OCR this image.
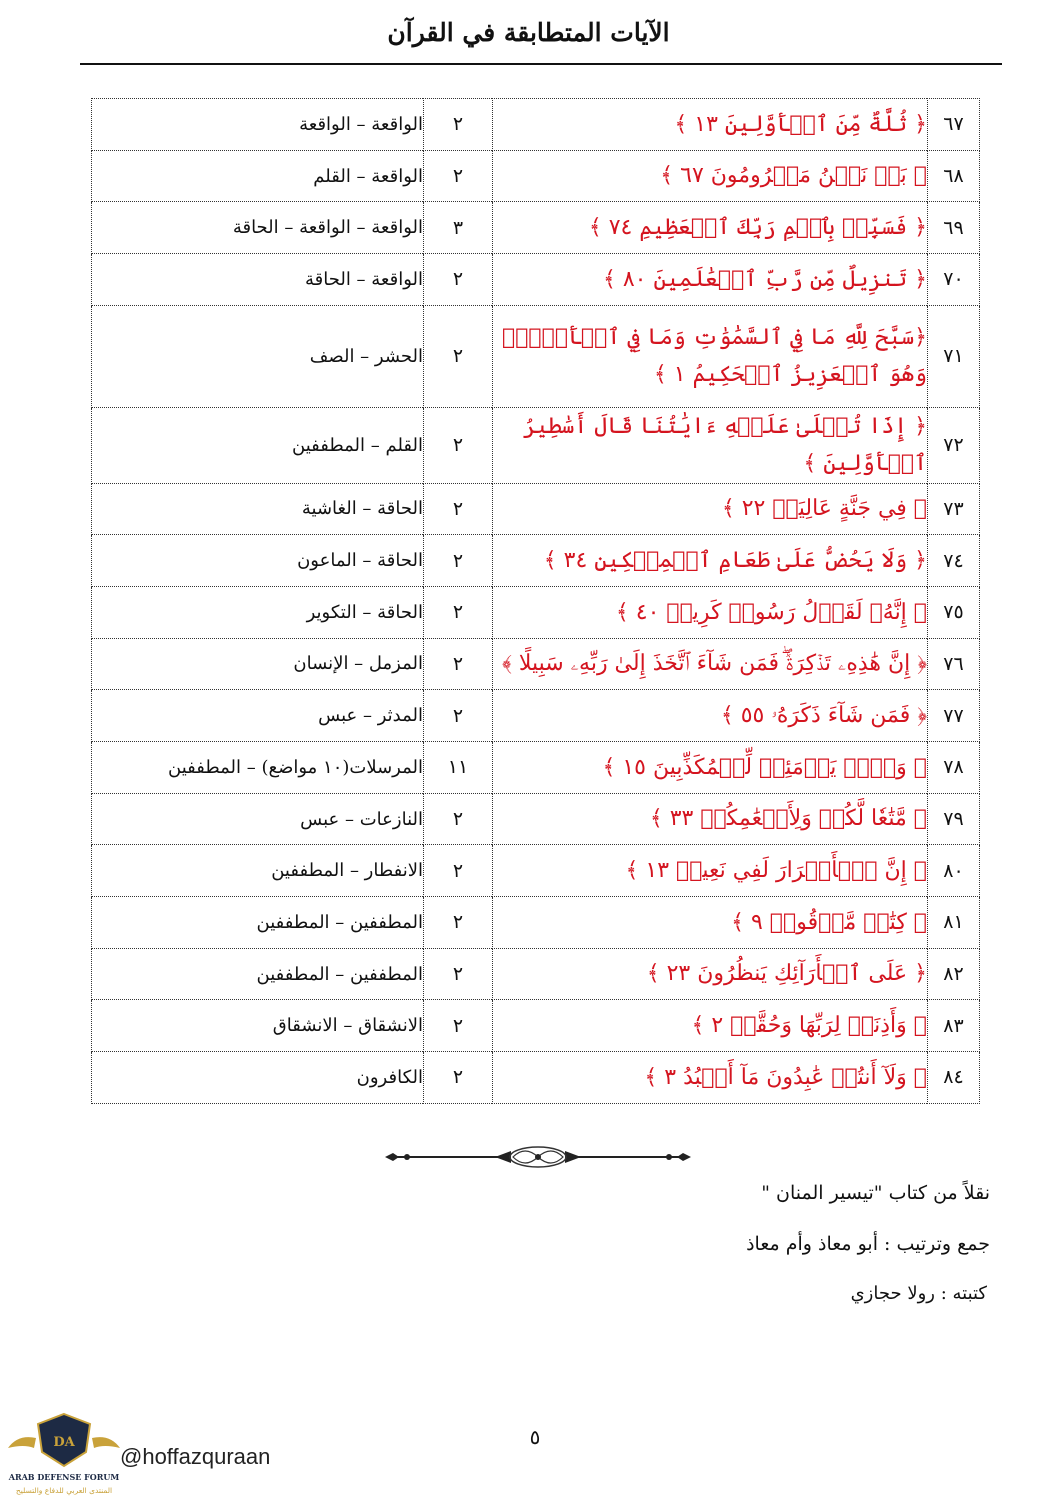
الآيات المتطابقة في القرآن
٦٧	﴿ ثُلَّةٌ مِّنَ ٱلۡأَوَّلِينَ ١٣ ﴾	٢	الواقعة – الواقعة
٦٨	﴿ بَلۡ نَحۡنُ مَحۡرُومُونَ ٦٧ ﴾	٢	الواقعة – القلم
٦٩	﴿ فَسَبِّحۡ بِٱسۡمِ رَبِّكَ ٱلۡعَظِيمِ ٧٤ ﴾	٣	الواقعة – الواقعة – الحاقة
٧٠	﴿ تَنزِيلٌ مِّن رَّبِّ ٱلۡعَٰلَمِينَ ٨٠ ﴾	٢	الواقعة – الحاقة
٧١	﴿سَبَّحَ لِلَّهِ مَا فِي ٱلسَّمَٰوَٰتِ وَمَا فِي ٱلۡأَرۡضِۖ وَهُوَ ٱلۡعَزِيزُ ٱلۡحَكِيمُ ١ ﴾	٢	الحشر – الصف
٧٢	﴿ إِذَا تُتۡلَىٰ عَلَيۡهِ ءَايَٰتُنَا قَالَ أَسَٰطِيرُ ٱلۡأَوَّلِينَ ﴾	٢	القلم – المطففين
٧٣	﴿ فِي جَنَّةٍ عَالِيَةٖ ٢٢ ﴾	٢	الحاقة – الغاشية
٧٤	﴿ وَلَا يَحُضُّ عَلَىٰ طَعَامِ ٱلۡمِسۡكِينِ ٣٤ ﴾	٢	الحاقة – الماعون
٧٥	﴿ إِنَّهُۥ لَقَوۡلُ رَسُولٖ كَرِيمٖ ٤٠ ﴾	٢	الحاقة – التكوير
٧٦	﴿ إِنَّ هَٰذِهِۦ تَذۡكِرَةٞۖ فَمَن شَآءَ ٱتَّخَذَ إِلَىٰ رَبِّهِۦ سَبِيلًا ﴾	٢	المزمل – الإنسان
٧٧	﴿ فَمَن شَآءَ ذَكَرَهُۥ ٥٥ ﴾	٢	المدثر – عبس
٧٨	﴿ وَيۡلٞ يَوۡمَئِذٖ لِّلۡمُكَذِّبِينَ ١٥ ﴾	١١	المرسلات(١٠ مواضع) – المطففين
٧٩	﴿ مَّتَٰعٗا لَّكُمۡ وَلِأَنۡعَٰمِكُمۡ ٣٣ ﴾	٢	النازعات – عبس
٨٠	﴿ إِنَّ ٱلۡأَبۡرَارَ لَفِي نَعِيمٖ ١٣ ﴾	٢	الانفطار – المطففين
٨١	﴿ كِتَٰبٞ مَّرۡقُومٞ ٩ ﴾	٢	المطففين – المطففين
٨٢	﴿ عَلَى ٱلۡأَرَآئِكِ يَنظُرُونَ ٢٣ ﴾	٢	المطففين – المطففين
٨٣	﴿ وَأَذِنَتۡ لِرَبِّهَا وَحُقَّتۡ ٢ ﴾	٢	الانشقاق – الانشقاق
٨٤	﴿ وَلَآ أَنتُمۡ عَٰبِدُونَ مَآ أَعۡبُدُ ٣ ﴾	٢	الكافرون
نقلاً من كتاب "تيسير المنان "
جمع وترتيب : أبو معاذ وأم معاذ
كتبته : رولا حجازي
٥
DA
ARAB DEFENSE FORUM
المنتدى العربي للدفاع والتسليح
@hoffazquraan
